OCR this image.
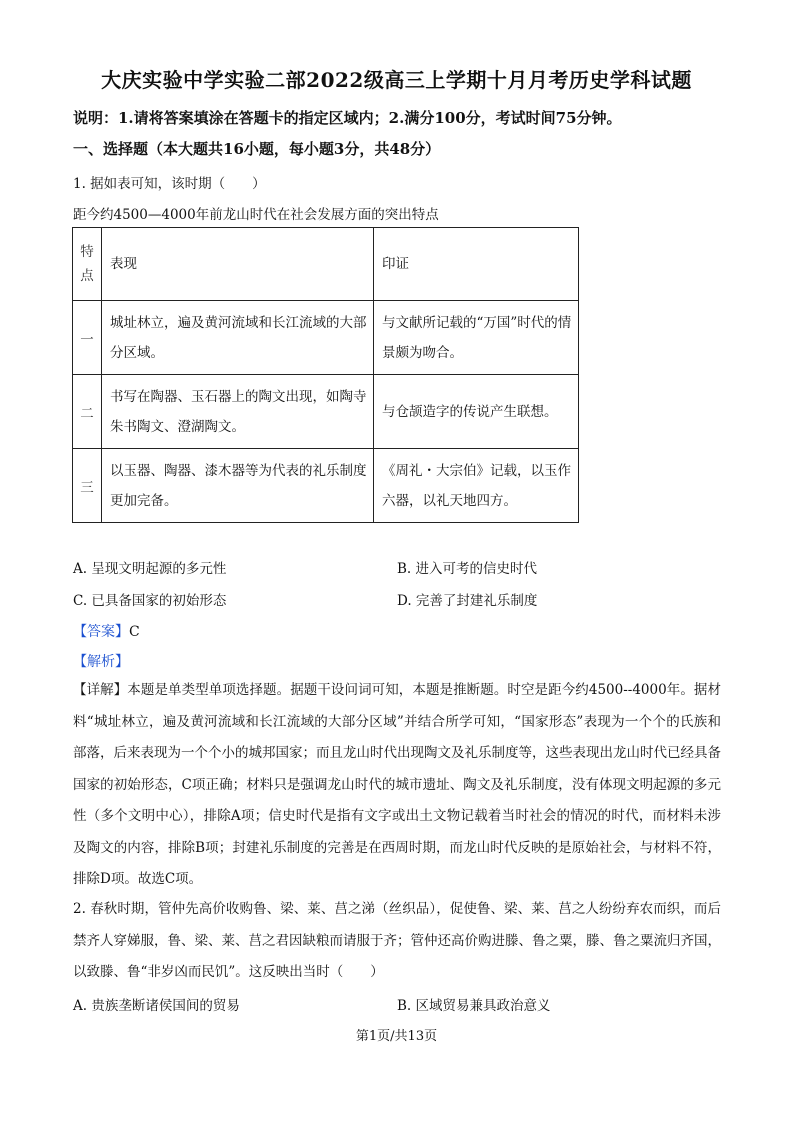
大庆实验中学实验二部2022级高三上学期十月月考历史学科试题
说明：1.请将答案填涂在答题卡的指定区域内；2.满分100分，考试时间75分钟。
一、选择题（本大题共16小题，每小题3分，共48分）
1. 据如表可知，该时期（　　）
距今约4500—4000年前龙山时代在社会发展方面的突出特点
特
点	表现	印证
一	城址林立，遍及黄河流域和长江流域的大部分区域。	与文献所记载的“万国”时代的情景颇为吻合。
二	书写在陶器、玉石器上的陶文出现，如陶寺朱书陶文、澄湖陶文。	与仓颉造字的传说产生联想。
三	以玉器、陶器、漆木器等为代表的礼乐制度更加完备。	《周礼・大宗伯》记载，以玉作六器，以礼天地四方。
A. 呈现文明起源的多元性	B. 进入可考的信史时代
C. 已具备国家的初始形态	D. 完善了封建礼乐制度
【答案】C
【解析】
【详解】本题是单类型单项选择题。据题干设问词可知，本题是推断题。时空是距今约4500--4000年。据材料“城址林立，遍及黄河流域和长江流域的大部分区域”并结合所学可知，“国家形态”表现为一个个的氏族和部落，后来表现为一个个小的城邦国家；而且龙山时代出现陶文及礼乐制度等，这些表现出龙山时代已经具备国家的初始形态，C项正确；材料只是强调龙山时代的城市遗址、陶文及礼乐制度，没有体现文明起源的多元性（多个文明中心），排除A项；信史时代是指有文字或出土文物记载着当时社会的情况的时代，而材料未涉及陶文的内容，排除B项；封建礼乐制度的完善是在西周时期，而龙山时代反映的是原始社会，与材料不符，排除D项。故选C项。
2. 春秋时期，管仲先高价收购鲁、梁、莱、莒之涕（丝织品），促使鲁、梁、莱、莒之人纷纷弃农而织，而后禁齐人穿娣服，鲁、梁、莱、莒之君因缺粮而请服于齐；管仲还高价购进滕、鲁之粟，滕、鲁之粟流归齐国，以致滕、鲁“非岁凶而民饥”。这反映出当时（　　）
A. 贵族垄断诸侯国间的贸易	B. 区域贸易兼具政治意义
第1页/共13页
